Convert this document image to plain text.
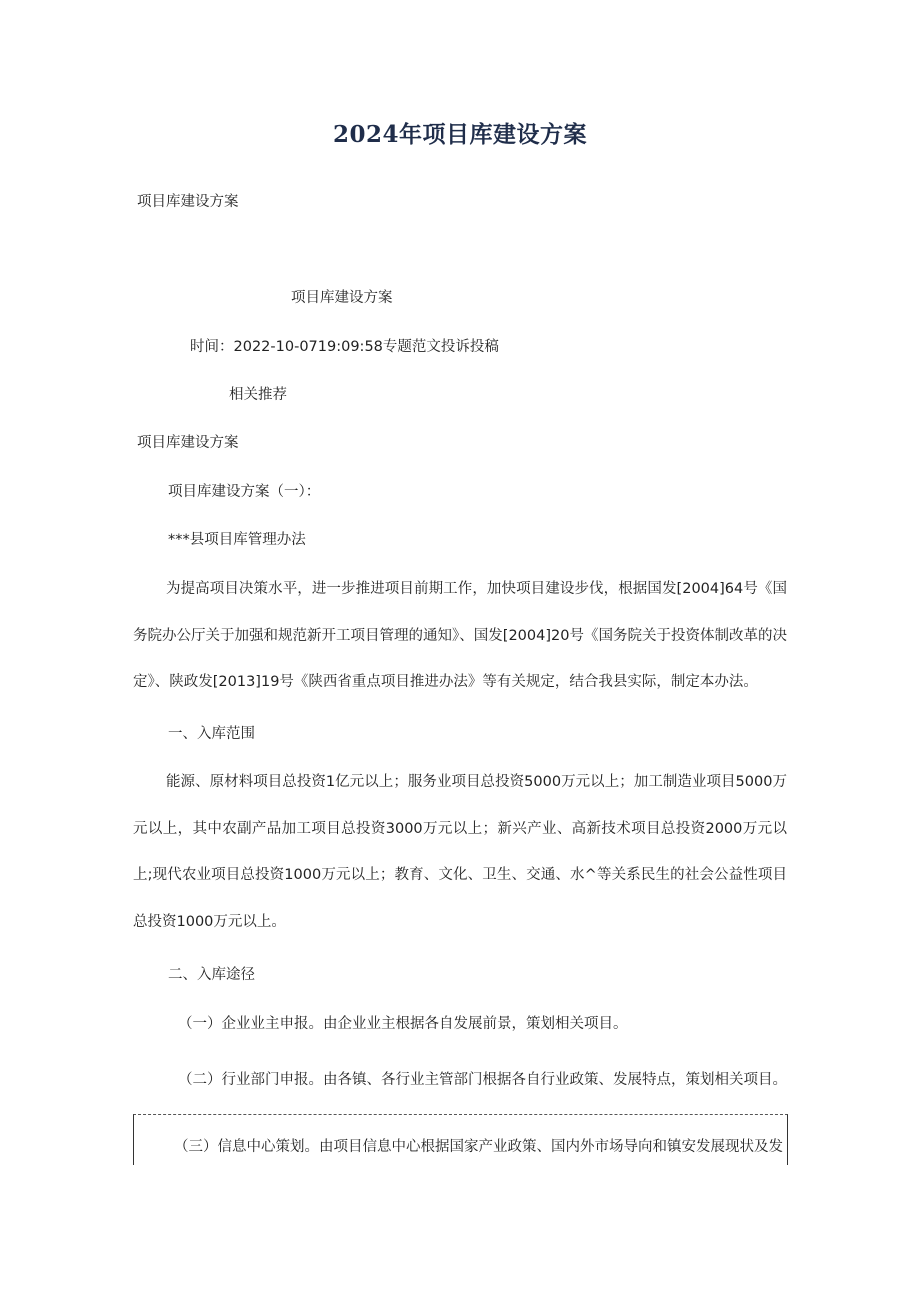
2024年项目库建设方案
项目库建设方案
项目库建设方案
时间：2022-10-0719:09:58专题范文投诉投稿
相关推荐
项目库建设方案
项目库建设方案（一）：
***县项目库管理办法
为提高项目决策水平，进一步推进项目前期工作，加快项目建设步伐，根据国发[2004]64号《国务院办公厅关于加强和规范新开工项目管理的通知》、国发[2004]20号《国务院关于投资体制改革的决定》、陕政发[2013]19号《陕西省重点项目推进办法》等有关规定，结合我县实际，制定本办法。
一、入库范围
能源、原材料项目总投资1亿元以上；服务业项目总投资5000万元以上；加工制造业项目5000万元以上，其中农副产品加工项目总投资3000万元以上；新兴产业、高新技术项目总投资2000万元以上;现代农业项目总投资1000万元以上；教育、文化、卫生、交通、水^等关系民生的社会公益性项目总投资1000万元以上。
二、入库途径
（一）企业业主申报。由企业业主根据各自发展前景，策划相关项目。
（二）行业部门申报。由各镇、各行业主管部门根据各自行业政策、发展特点，策划相关项目。
（三）信息中心策划。由项目信息中心根据国家产业政策、国内外市场导向和镇安发展现状及发
